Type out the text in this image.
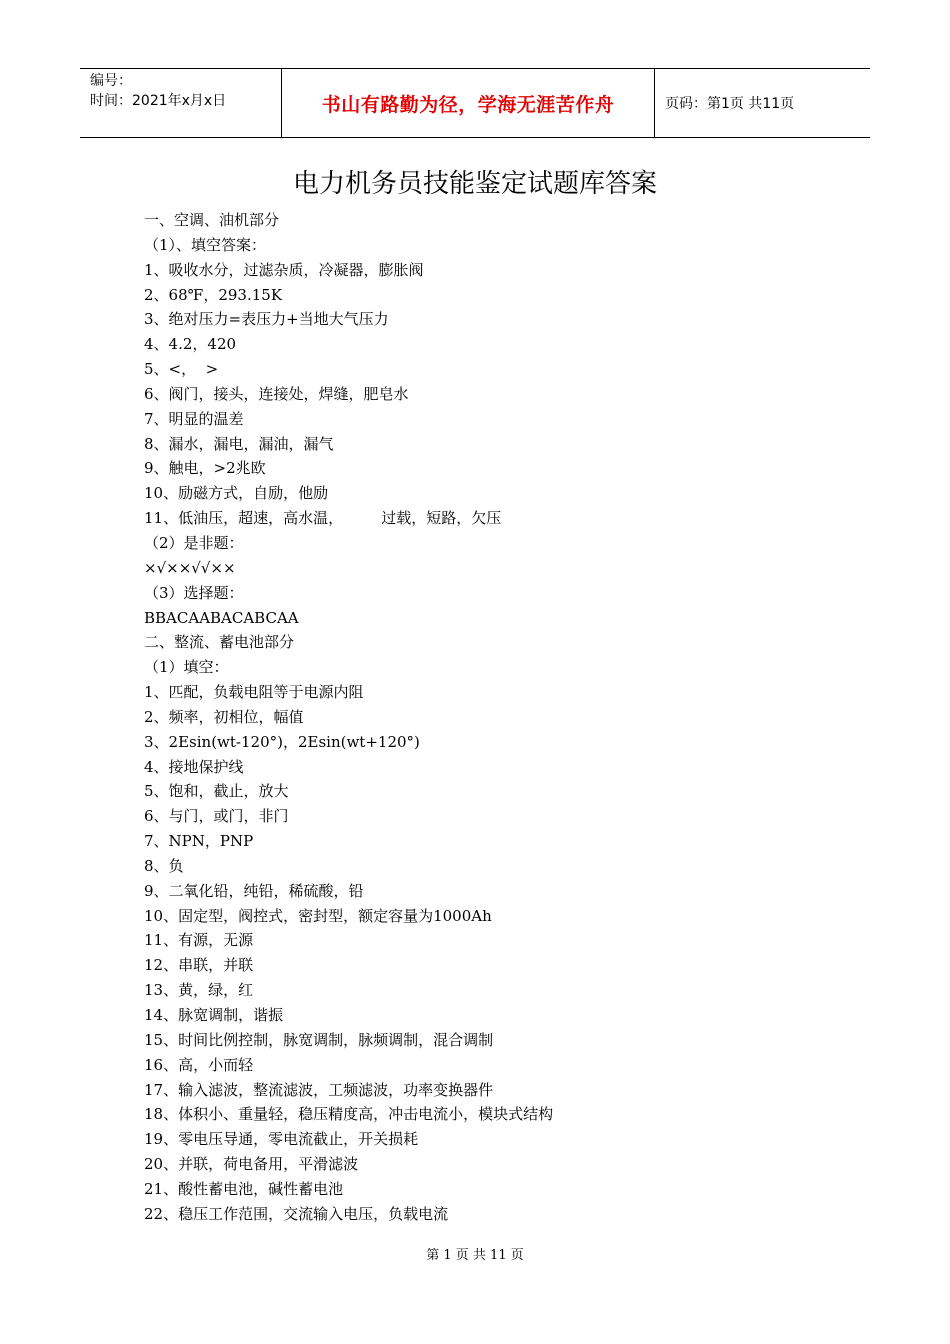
编号：
时间：2021年x月x日	书山有路勤为径，学海无涯苦作舟	页码：第1页 共11页
电力机务员技能鉴定试题库答案
一、空调、油机部分
（1）、填空答案：
1、吸收水分，过滤杂质，冷凝器，膨胀阀
2、68℉，293.15K
3、绝对压力=表压力+当地大气压力
4、4.2，420
5、<，  >
6、阀门，接头，连接处，焊缝，肥皂水
7、明显的温差
8、漏水，漏电，漏油，漏气
9、触电，>2兆欧
10、励磁方式，自励，他励
11、低油压，超速，高水温，        过载，短路，欠压
（2）是非题：
×√××√√××
（3）选择题：
BBACAABACABCAA
二、整流、蓄电池部分
（1）填空：
1、匹配，负载电阻等于电源内阻
2、频率，初相位，幅值
3、2Esin(wt-120°)，2Esin(wt+120°)
4、接地保护线
5、饱和，截止，放大
6、与门，或门，非门
7、NPN，PNP
8、负
9、二氧化铅，纯铅，稀硫酸，铅
10、固定型，阀控式，密封型，额定容量为1000Ah
11、有源，无源
12、串联，并联
13、黄，绿，红
14、脉宽调制，谐振
15、时间比例控制，脉宽调制，脉频调制，混合调制
16、高，小而轻
17、输入滤波，整流滤波，工频滤波，功率变换器件
18、体积小、重量轻，稳压精度高，冲击电流小，模块式结构
19、零电压导通，零电流截止，开关损耗
20、并联，荷电备用，平滑滤波
21、酸性蓄电池，碱性蓄电池
22、稳压工作范围，交流输入电压，负载电流
第 1 页 共 11 页
